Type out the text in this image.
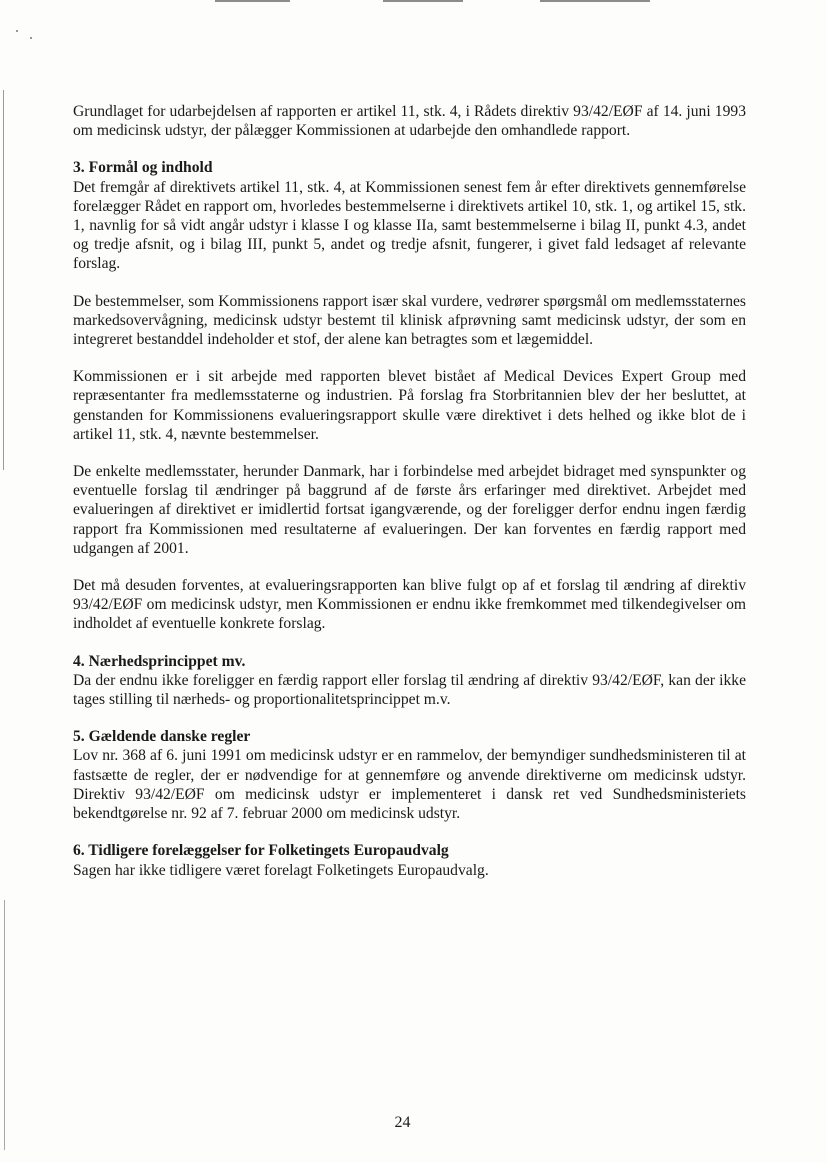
Grundlaget for udarbejdelsen af rapporten er artikel 11, stk. 4, i Rådets direktiv 93/42/EØF af 14. juni 1993 om medicinsk udstyr, der pålægger Kommissionen at udarbejde den omhandlede rapport.

3. Formål og indhold

Det fremgår af direktivets artikel 11, stk. 4, at Kommissionen senest fem år efter direktivets gennemførelse forelægger Rådet en rapport om, hvorledes bestemmelserne i direktivets artikel 10, stk. 1, og artikel 15, stk. 1, navnlig for så vidt angår udstyr i klasse I og klasse IIa, samt bestemmelserne i bilag II, punkt 4.3, andet og tredje afsnit, og i bilag III, punkt 5, andet og tredje afsnit, fungerer, i givet fald ledsaget af relevante forslag.

De bestemmelser, som Kommissionens rapport især skal vurdere, vedrører spørgsmål om medlemsstaternes markedsovervågning, medicinsk udstyr bestemt til klinisk afprøvning samt medicinsk udstyr, der som en integreret bestanddel indeholder et stof, der alene kan betragtes som et lægemiddel.

Kommissionen er i sit arbejde med rapporten blevet bistået af Medical Devices Expert Group med repræsentanter fra medlemsstaterne og industrien. På forslag fra Storbritannien blev der her besluttet, at genstanden for Kommissionens evalueringsrapport skulle være direktivet i dets helhed og ikke blot de i artikel 11, stk. 4, nævnte bestemmelser.

De enkelte medlemsstater, herunder Danmark, har i forbindelse med arbejdet bidraget med synspunkter og eventuelle forslag til ændringer på baggrund af de første års erfaringer med direktivet. Arbejdet med evalueringen af direktivet er imidlertid fortsat igangværende, og der foreligger derfor endnu ingen færdig rapport fra Kommissionen med resultaterne af evalueringen. Der kan forventes en færdig rapport med udgangen af 2001.

Det må desuden forventes, at evalueringsrapporten kan blive fulgt op af et forslag til ændring af direktiv 93/42/EØF om medicinsk udstyr, men Kommissionen er endnu ikke fremkommet med tilkendegivelser om indholdet af eventuelle konkrete forslag.

4. Nærhedsprincippet mv.

Da der endnu ikke foreligger en færdig rapport eller forslag til ændring af direktiv 93/42/EØF, kan der ikke tages stilling til nærheds- og proportionalitetsprincippet m.v.

5. Gældende danske regler

Lov nr. 368 af 6. juni 1991 om medicinsk udstyr er en rammelov, der bemyndiger sundhedsministeren til at fastsætte de regler, der er nødvendige for at gennemføre og anvende direktiverne om medicinsk udstyr. Direktiv 93/42/EØF om medicinsk udstyr er implementeret i dansk ret ved Sundhedsministeriets bekendtgørelse nr. 92 af 7. februar 2000 om medicinsk udstyr.

6. Tidligere forelæggelser for Folketingets Europaudvalg

Sagen har ikke tidligere været forelagt Folketingets Europaudvalg.

24
